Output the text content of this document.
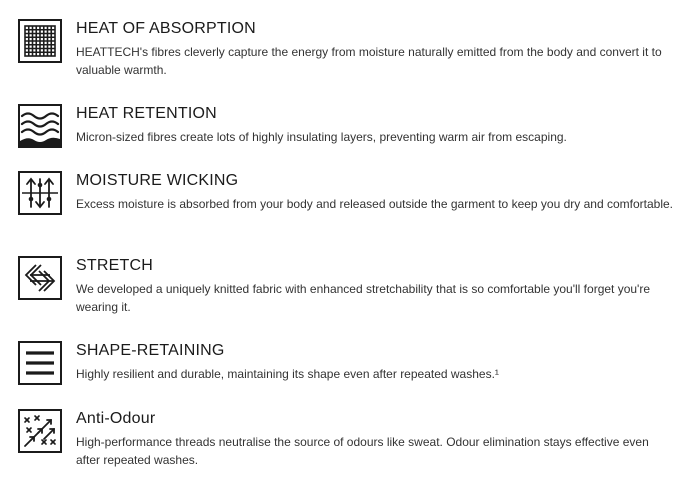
HEAT OF ABSORPTION

HEATTECH's fibres cleverly capture the energy from moisture naturally emitted from the body and convert it to valuable warmth.

HEAT RETENTION

Micron-sized fibres create lots of highly insulating layers, preventing warm air from escaping.

MOISTURE WICKING

Excess moisture is absorbed from your body and released outside the garment to keep you dry and comfortable.

STRETCH

We developed a uniquely knitted fabric with enhanced stretchability that is so comfortable you'll forget you're wearing it.

SHAPE-RETAINING

Highly resilient and durable, maintaining its shape even after repeated washes.¹

Anti-Odour

High-performance threads neutralise the source of odours like sweat. Odour elimination stays effective even after repeated washes.
